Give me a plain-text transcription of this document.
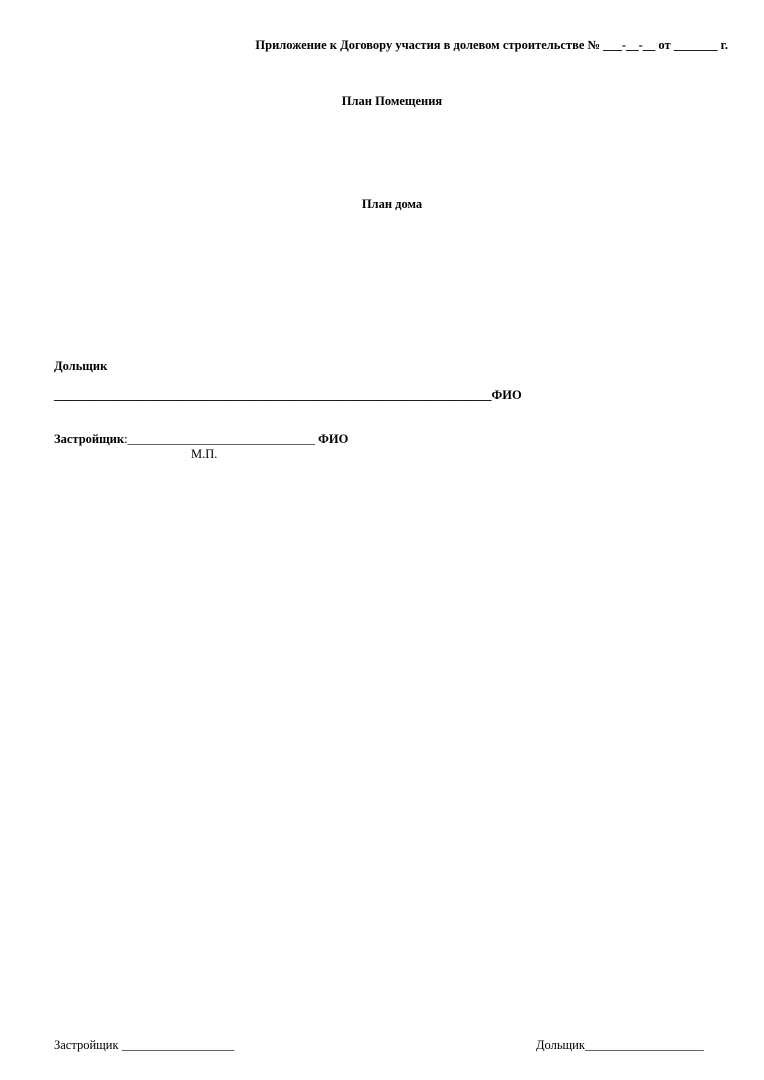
Приложение к Договору участия в долевом строительстве № ___-__-__ от _______ г.
План Помещения
План дома
Дольщик
______________________________________________________________________ФИО
Застройщик:______________________________ ФИО
М.П.
Застройщик __________________	Дольщик___________________
